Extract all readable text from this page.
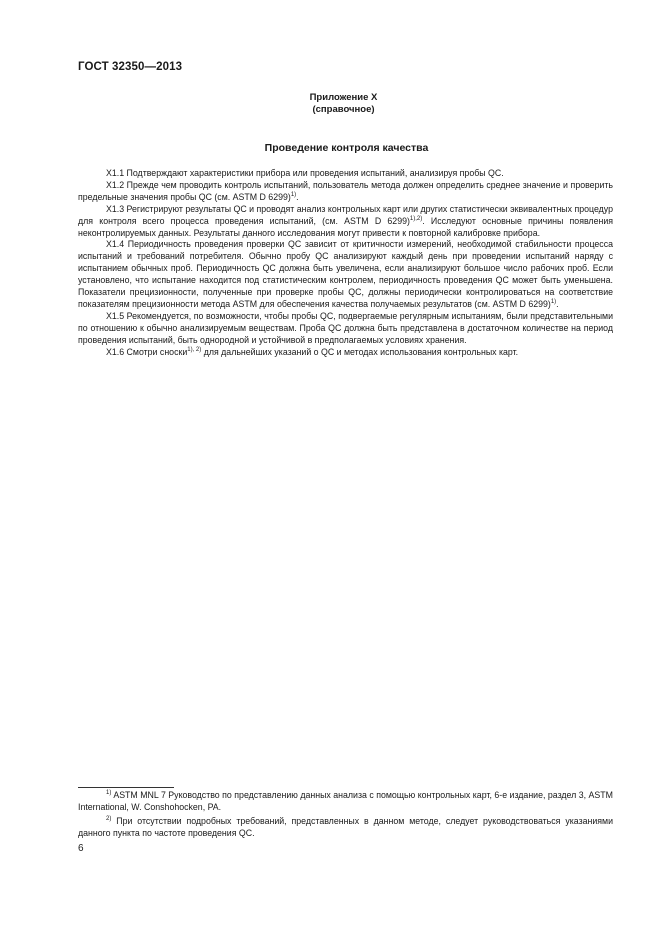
ГОСТ 32350—2013
Приложение Х
(справочное)
Проведение контроля качества

Х1.1 Подтверждают характеристики прибора или проведения испытаний, анализируя пробы QC.

Х1.2 Прежде чем проводить контроль испытаний, пользователь метода должен определить среднее значение и проверить предельные значения пробы QC (см. ASTM D 6299)$^{1)}$.

Х1.3 Регистрируют результаты QC и проводят анализ контрольных карт или других статистически эквивалентных процедур для контроля всего процесса проведения испытаний, (см. ASTM D 6299)$^{1),2)}$. Исследуют основные причины появления неконтролируемых данных. Результаты данного исследования могут привести к повторной калибровке прибора.

Х1.4 Периодичность проведения проверки QC зависит от критичности измерений, необходимой стабильности процесса испытаний и требований потребителя. Обычно пробу QC анализируют каждый день при проведении испытаний наряду с испытанием обычных проб. Периодичность QC должна быть увеличена, если анализируют большое число рабочих проб. Если установлено, что испытание находится под статистическим контролем, периодичность проведения QC может быть уменьшена. Показатели прецизионности, полученные при проверке пробы QC, должны периодически контролироваться на соответствие показателям прецизионности метода ASTM для обеспечения качества получаемых результатов (см. ASTM D 6299)$^{1)}$.

Х1.5 Рекомендуется, по возможности, чтобы пробы QC, подвергаемые регулярным испытаниям, были представительными по отношению к обычно анализируемым веществам. Проба QC должна быть представлена в достаточном количестве на период проведения испытаний, быть однородной и устойчивой в предполагаемых условиях хранения.

Х1.6 Смотри сноски$^{1), 2)}$ для дальнейших указаний о QC и методах использования контрольных карт.

$^{1)}$ ASTM MNL 7 Руководство по представлению данных анализа с помощью контрольных карт, 6-е издание, раздел 3, ASTM International, W. Conshohocken, PA.

$^{2)}$ При отсутствии подробных требований, представленных в данном методе, следует руководствоваться указаниями данного пункта по частоте проведения QC.

6
